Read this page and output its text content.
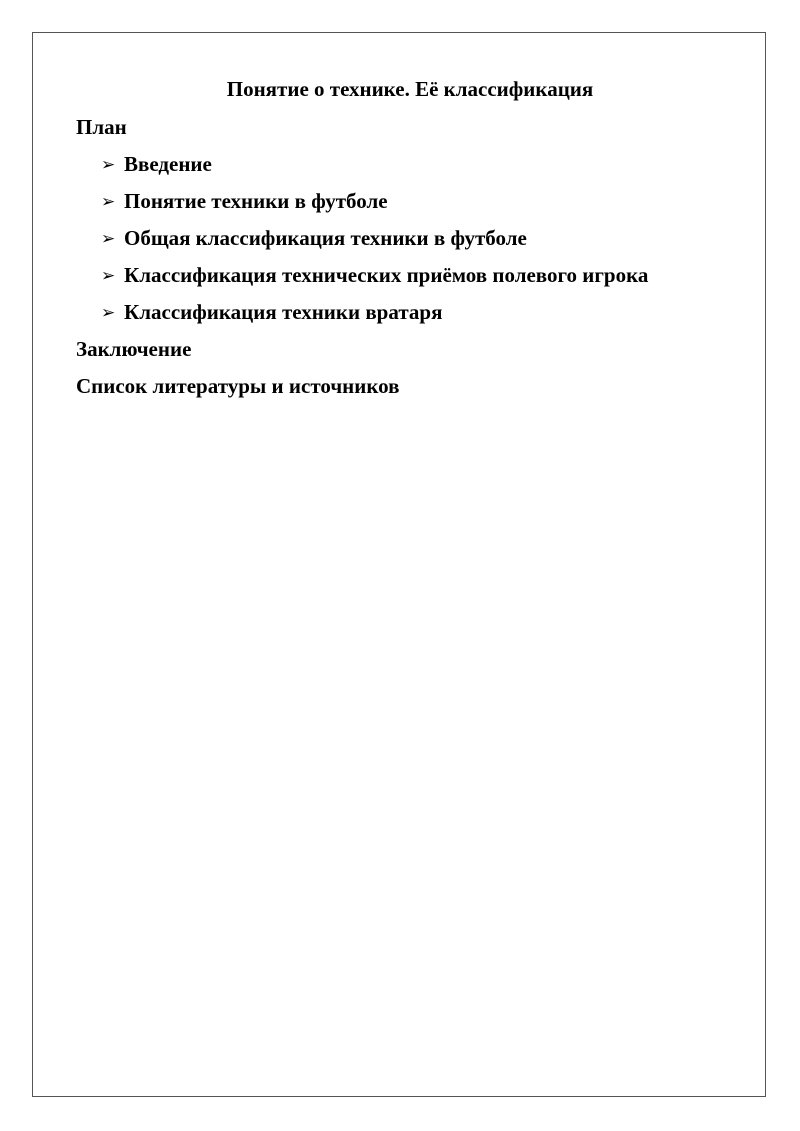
Понятие о технике. Её классификация

План

➢ Введение
➢ Понятие техники в футболе
➢ Общая классификация техники в футболе
➢ Классификация технических приёмов полевого игрока
➢ Классификация техники вратаря

Заключение

Список литературы и источников
